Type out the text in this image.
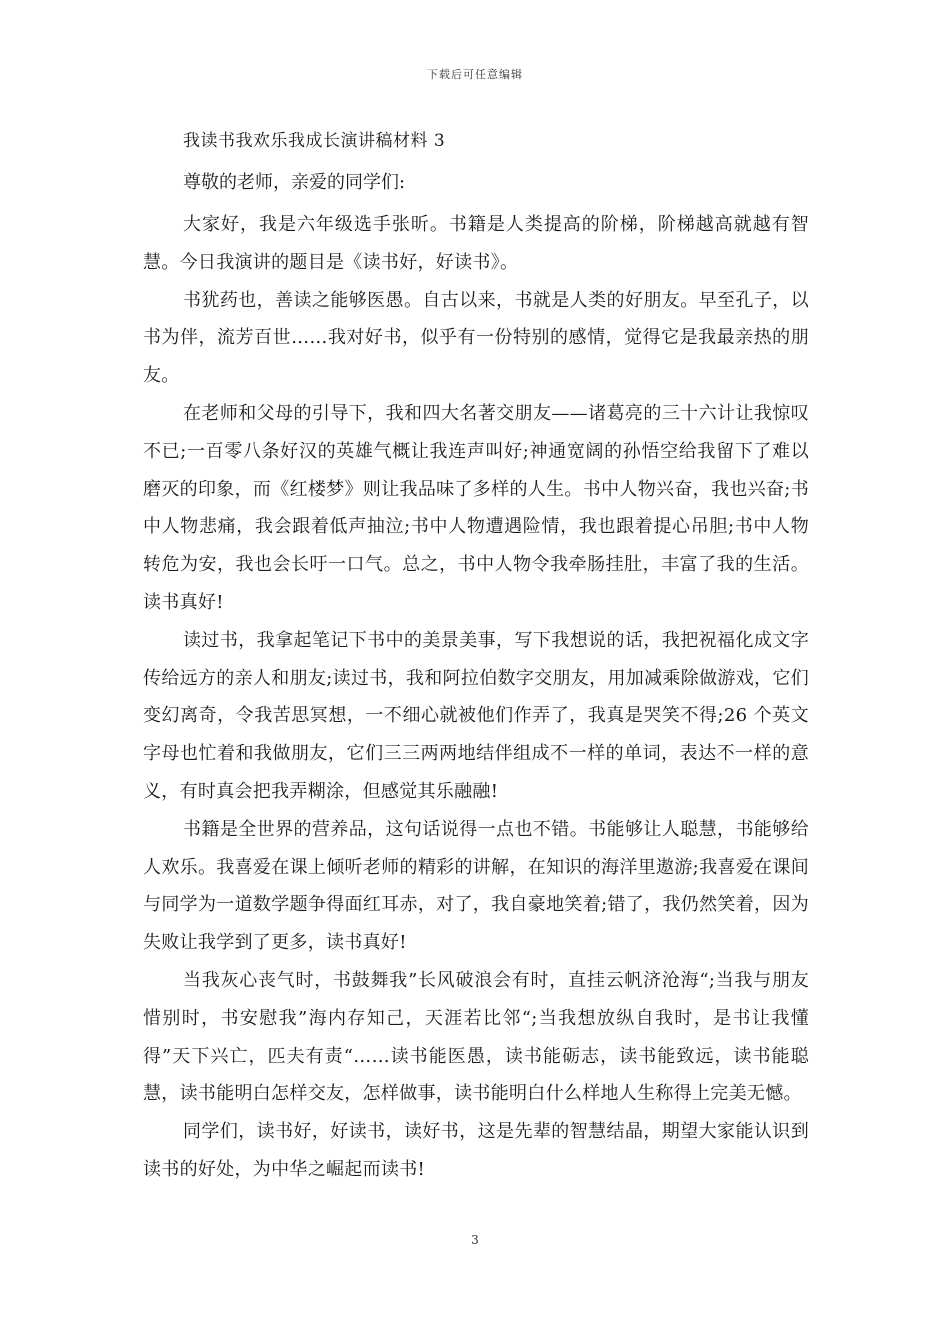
下载后可任意编辑
我读书我欢乐我成长演讲稿材料 3

尊敬的老师，亲爱的同学们:

大家好，我是六年级选手张昕。书籍是人类提高的阶梯，阶梯越高就越有智慧。今日我演讲的题目是《读书好，好读书》。

书犹药也，善读之能够医愚。自古以来，书就是人类的好朋友。早至孔子，以书为伴，流芳百世……我对好书，似乎有一份特别的感情，觉得它是我最亲热的朋友。

在老师和父母的引导下，我和四大名著交朋友——诸葛亮的三十六计让我惊叹不已;一百零八条好汉的英雄气概让我连声叫好;神通宽阔的孙悟空给我留下了难以磨灭的印象，而《红楼梦》则让我品味了多样的人生。书中人物兴奋，我也兴奋;书中人物悲痛，我会跟着低声抽泣;书中人物遭遇险情，我也跟着提心吊胆;书中人物转危为安，我也会长吁一口气。总之，书中人物令我牵肠挂肚，丰富了我的生活。读书真好!

读过书，我拿起笔记下书中的美景美事，写下我想说的话，我把祝福化成文字传给远方的亲人和朋友;读过书，我和阿拉伯数字交朋友，用加减乘除做游戏，它们变幻离奇，令我苦思冥想，一不细心就被他们作弄了，我真是哭笑不得;26 个英文字母也忙着和我做朋友，它们三三两两地结伴组成不一样的单词，表达不一样的意义，有时真会把我弄糊涂，但感觉其乐融融!

书籍是全世界的营养品，这句话说得一点也不错。书能够让人聪慧，书能够给人欢乐。我喜爱在课上倾听老师的精彩的讲解，在知识的海洋里遨游;我喜爱在课间与同学为一道数学题争得面红耳赤，对了，我自豪地笑着;错了，我仍然笑着，因为失败让我学到了更多，读书真好!

当我灰心丧气时，书鼓舞我”长风破浪会有时，直挂云帆济沧海“;当我与朋友惜别时，书安慰我”海内存知己，天涯若比邻“;当我想放纵自我时，是书让我懂得”天下兴亡，匹夫有责“……读书能医愚，读书能砺志，读书能致远，读书能聪慧，读书能明白怎样交友，怎样做事，读书能明白什么样地人生称得上完美无憾。

同学们，读书好，好读书，读好书，这是先辈的智慧结晶，期望大家能认识到读书的好处，为中华之崛起而读书!

3
